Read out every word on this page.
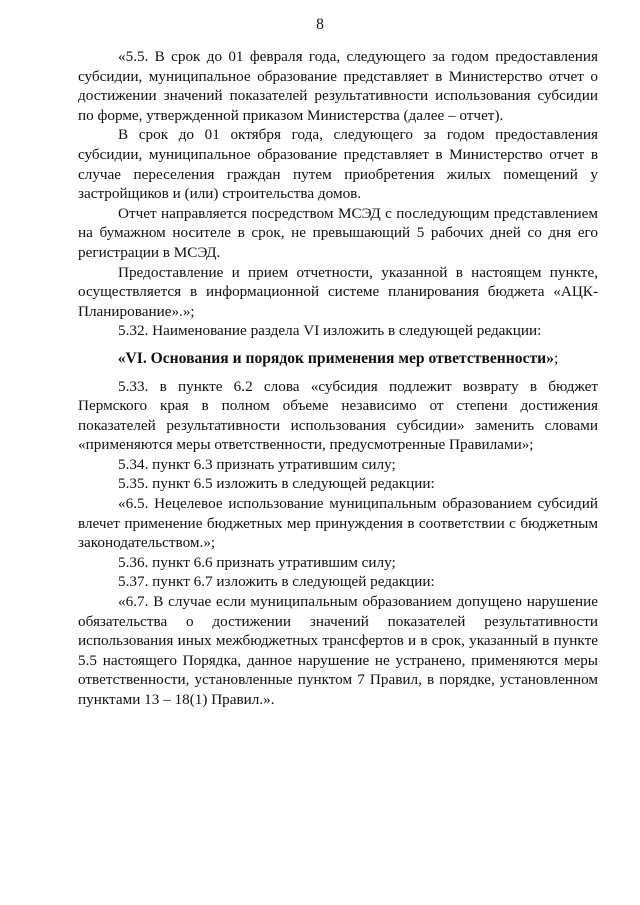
8

«5.5. В срок до 01 февраля года, следующего за годом предоставления субсидии, муниципальное образование представляет в Министерство отчет о достижении значений показателей результативности использования субсидии по форме, утвержденной приказом Министерства (далее – отчет).

В срок до 01 октября года, следующего за годом предоставления субсидии, муниципальное образование представляет в Министерство отчет в случае переселения граждан путем приобретения жилых помещений у застройщиков и (или) строительства домов.

Отчет направляется посредством МСЭД с последующим представлением на бумажном носителе в срок, не превышающий 5 рабочих дней со дня его регистрации в МСЭД.

Предоставление и прием отчетности, указанной в настоящем пункте, осуществляется в информационной системе планирования бюджета «АЦК-Планирование».»;

5.32. Наименование раздела VI изложить в следующей редакции:

«VI. Основания и порядок применения мер ответственности»;

5.33. в пункте 6.2 слова «субсидия подлежит возврату в бюджет Пермского края в полном объеме независимо от степени достижения показателей результативности использования субсидии» заменить словами «применяются меры ответственности, предусмотренные Правилами»;

5.34. пункт 6.3 признать утратившим силу;

5.35. пункт 6.5 изложить в следующей редакции:

«6.5. Нецелевое использование муниципальным образованием субсидий влечет применение бюджетных мер принуждения в соответствии с бюджетным законодательством.»;

5.36. пункт 6.6 признать утратившим силу;

5.37. пункт 6.7 изложить в следующей редакции:

«6.7. В случае если муниципальным образованием допущено нарушение обязательства о достижении значений показателей результативности использования иных межбюджетных трансфертов и в срок, указанный в пункте 5.5 настоящего Порядка, данное нарушение не устранено, применяются меры ответственности, установленные пунктом 7 Правил, в порядке, установленном пунктами 13 – 18(1) Правил.».
